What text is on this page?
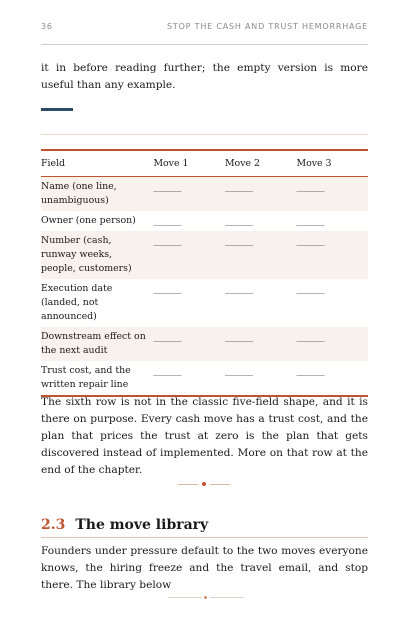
36	STOP THE CASH AND TRUST HEMORRHAGE

it in before reading further; the empty version is more useful than any example.

Field	Move 1	Move 2	Move 3
Name (one line, unambiguous)	______	______	______
Owner (one person)	______	______	______
Number (cash, runway weeks, people, customers)	______	______	______
Execution date (landed, not announced)	______	______	______
Downstream effect on the next audit	______	______	______
Trust cost, and the written repair line	______	______	______

The sixth row is not in the classic five-field shape, and it is there on purpose. Every cash move has a trust cost, and the plan that prices the trust at zero is the plan that gets discovered instead of implemented. More on that row at the end of the chapter.

2.3 The move library

Founders under pressure default to the two moves everyone knows, the hiring freeze and the travel email, and stop there. The library below
